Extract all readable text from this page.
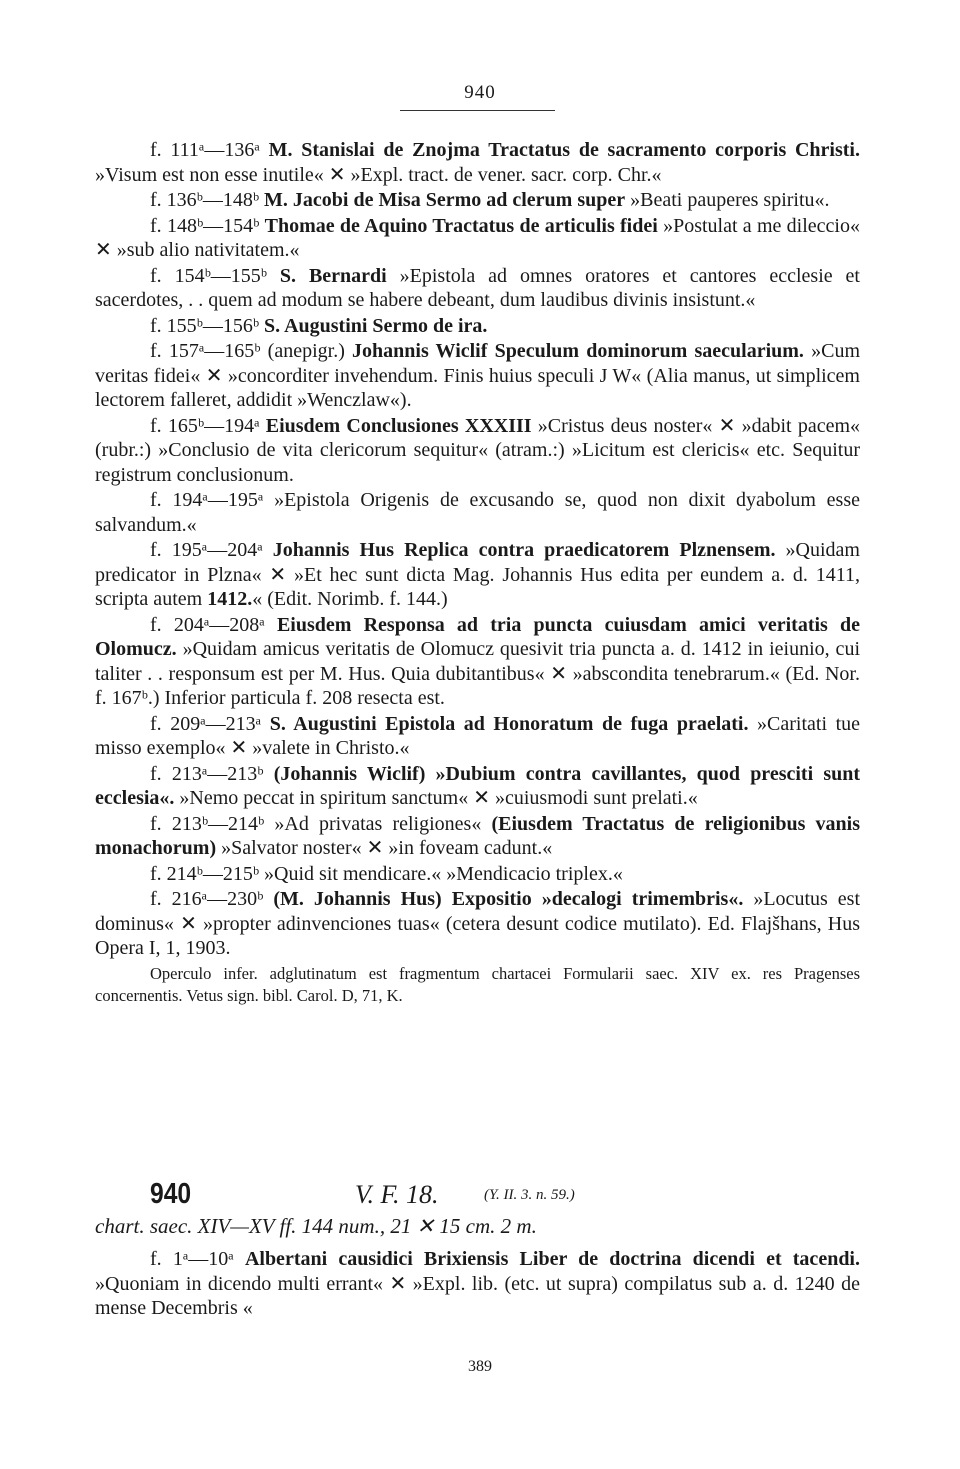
940

f. 111ᵃ—136ᵃ M. Stanislai de Znojma Tractatus de sacramento corporis Christi. »Visum est non esse inutile« ✕ »Expl. tract. de vener. sacr. corp. Chr.«

f. 136ᵇ—148ᵇ M. Jacobi de Misa Sermo ad clerum super »Beati pauperes spiritu«.

f. 148ᵇ—154ᵇ Thomae de Aquino Tractatus de articulis fidei »Postulat a me dileccio« ✕ »sub alio nativitatem.«

f. 154ᵇ—155ᵇ S. Bernardi »Epistola ad omnes oratores et cantores ecclesie et sacerdotes, . . quem ad modum se habere debeant, dum laudibus divinis insistunt.«

f. 155ᵇ—156ᵇ S. Augustini Sermo de ira.

f. 157ᵃ—165ᵇ (anepigr.) Johannis Wiclif Speculum dominorum saecularium. »Cum veritas fidei« ✕ »concorditer invehendum. Finis huius speculi J W« (Alia manus, ut simplicem lectorem falleret, addidit »Wenczlaw«).

f. 165ᵇ—194ᵃ Eiusdem Conclusiones XXXIII »Cristus deus noster« ✕ »dabit pacem« (rubr.:) »Conclusio de vita clericorum sequitur« (atram.:) »Licitum est clericis« etc. Sequitur registrum conclusionum.

f. 194ᵃ—195ᵃ »Epistola Origenis de excusando se, quod non dixit dyabolum esse salvandum.«

f. 195ᵃ—204ᵃ Johannis Hus Replica contra praedicatorem Plznensem. »Quidam predicator in Plzna« ✕ »Et hec sunt dicta Mag. Johannis Hus edita per eundem a. d. 1411, scripta autem 1412.« (Edit. Norimb. f. 144.)

f. 204ᵃ—208ᵃ Eiusdem Responsa ad tria puncta cuiusdam amici veritatis de Olomucz. »Quidam amicus veritatis de Olomucz quesivit tria puncta a. d. 1412 in ieiunio, cui taliter . . responsum est per M. Hus. Quia dubitantibus« ✕ »abscondita tenebrarum.« (Ed. Nor. f. 167ᵇ.) Inferior particula f. 208 resecta est.

f. 209ᵃ—213ᵃ S. Augustini Epistola ad Honoratum de fuga praelati. »Caritati tue misso exemplo« ✕ »valete in Christo.«

f. 213ᵃ—213ᵇ (Johannis Wiclif) »Dubium contra cavillantes, quod presciti sunt ecclesia«. »Nemo peccat in spiritum sanctum« ✕ »cuiusmodi sunt prelati.«

f. 213ᵇ—214ᵇ »Ad privatas religiones« (Eiusdem Tractatus de religionibus vanis monachorum) »Salvator noster« ✕ »in foveam cadunt.«

f. 214ᵇ—215ᵇ »Quid sit mendicare.« »Mendicacio triplex.«

f. 216ᵃ—230ᵇ (M. Johannis Hus) Expositio »decalogi trimembris«. »Locutus est dominus« ✕ »propter adinvenciones tuas« (cetera desunt codice mutilato). Ed. Flajšhans, Hus Opera I, 1, 1903.

Operculo infer. adglutinatum est fragmentum chartacei Formularii saec. XIV ex. res Pragenses concernentis. Vetus sign. bibl. Carol. D, 71, K.

940	V. F. 18.	(Y. II. 3. n. 59.)
chart. saec. XIV—XV ff. 144 num., 21 ✕ 15 cm. 2 m.

f. 1ᵃ—10ᵃ Albertani causidici Brixiensis Liber de doctrina dicendi et tacendi. »Quoniam in dicendo multi errant« ✕ »Expl. lib. (etc. ut supra) compilatus sub a. d. 1240 de mense Decembris «

389
